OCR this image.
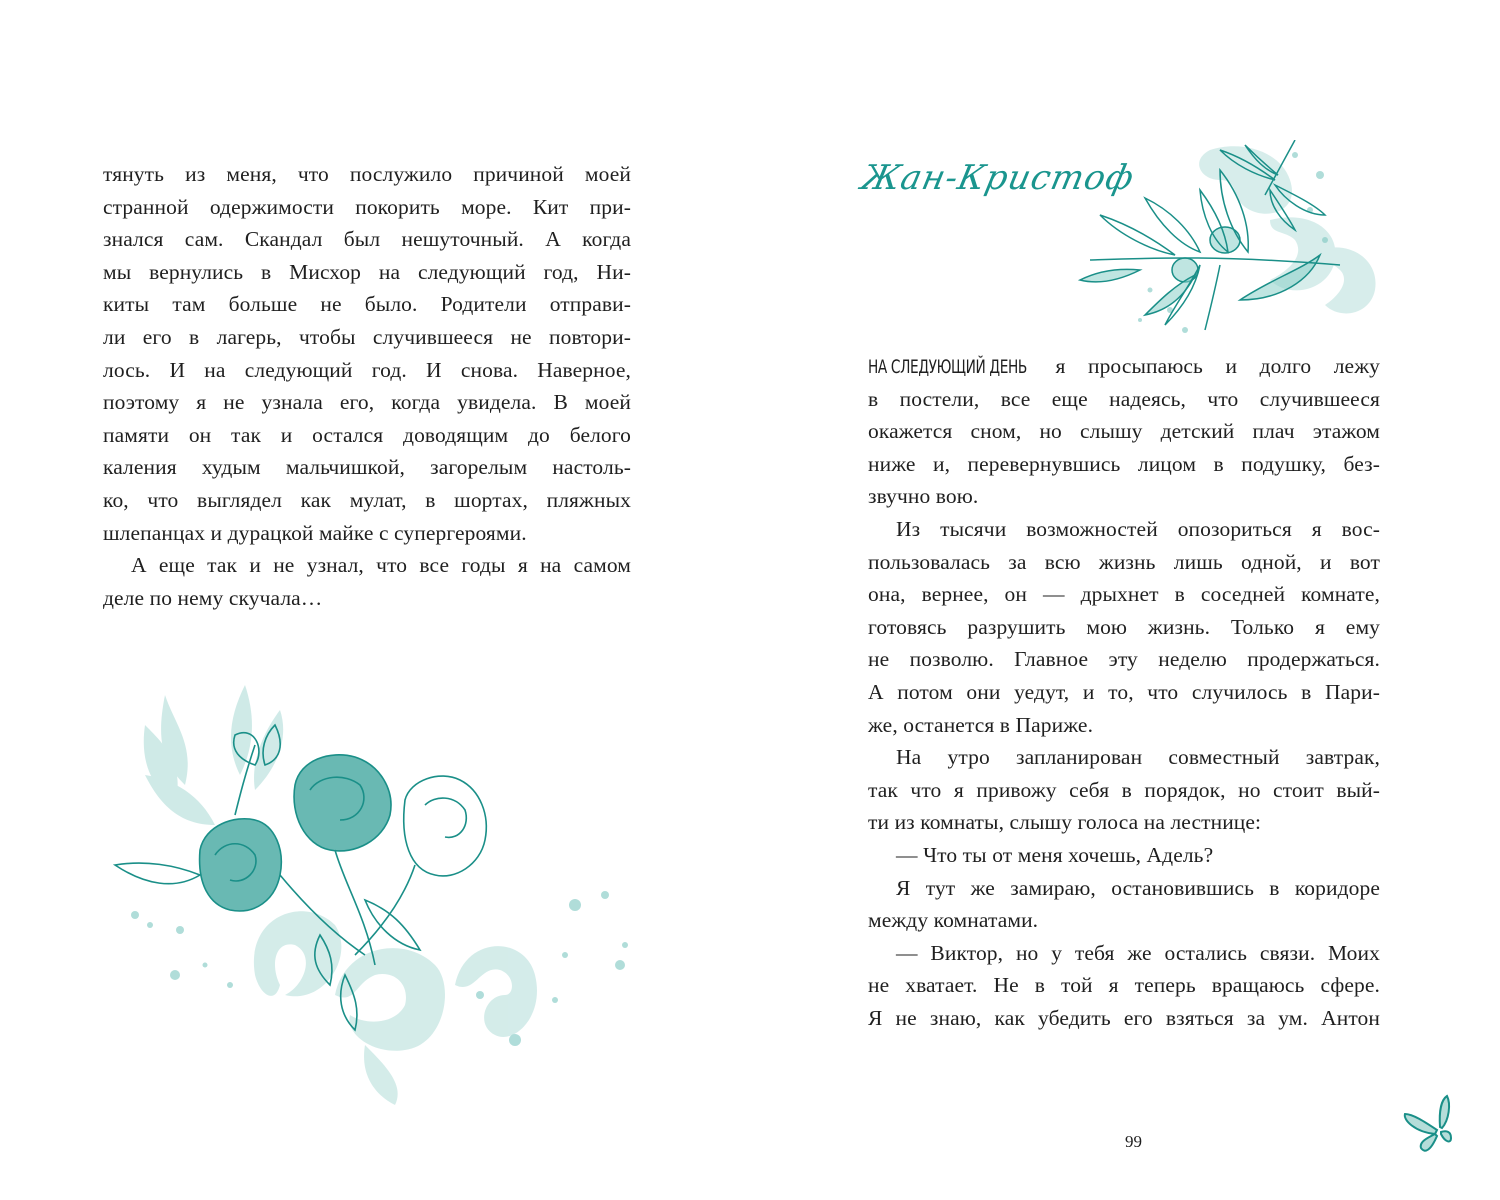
тянуть из меня, что послужило причиной моей
странной одержимости покорить море. Кит при-
знался сам. Скандал был нешуточный. А когда
мы вернулись в Мисхор на следующий год, Ни-
киты там больше не было. Родители отправи-
ли его в лагерь, чтобы случившееся не повтори-
лось. И на следующий год. И снова. Наверное,
поэтому я не узнала его, когда увидела. В моей
памяти он так и остался доводящим до белого
каления худым мальчишкой, загорелым настоль-
ко, что выглядел как мулат, в шортах, пляжных
шлепанцах и дурацкой майке с супергероями.
А еще так и не узнал, что все годы я на самом
деле по нему скучала…
Жан-Кристоф
НА СЛЕДУЮЩИЙ ДЕНЬ я просыпаюсь и долго лежу
в постели, все еще надеясь, что случившееся
окажется сном, но слышу детский плач этажом
ниже и, перевернувшись лицом в подушку, без-
звучно вою.
Из тысячи возможностей опозориться я вос-
пользовалась за всю жизнь лишь одной, и вот
она, вернее, он — дрыхнет в соседней комнате,
готовясь разрушить мою жизнь. Только я ему
не позволю. Главное эту неделю продержаться.
А потом они уедут, и то, что случилось в Пари-
же, останется в Париже.
На утро запланирован совместный завтрак,
так что я привожу себя в порядок, но стоит вый-
ти из комнаты, слышу голоса на лестнице:
— Что ты от меня хочешь, Адель?
Я тут же замираю, остановившись в коридоре
между комнатами.
— Виктор, но у тебя же остались связи. Моих
не хватает. Не в той я теперь вращаюсь сфере.
Я не знаю, как убедить его взяться за ум. Антон
99
